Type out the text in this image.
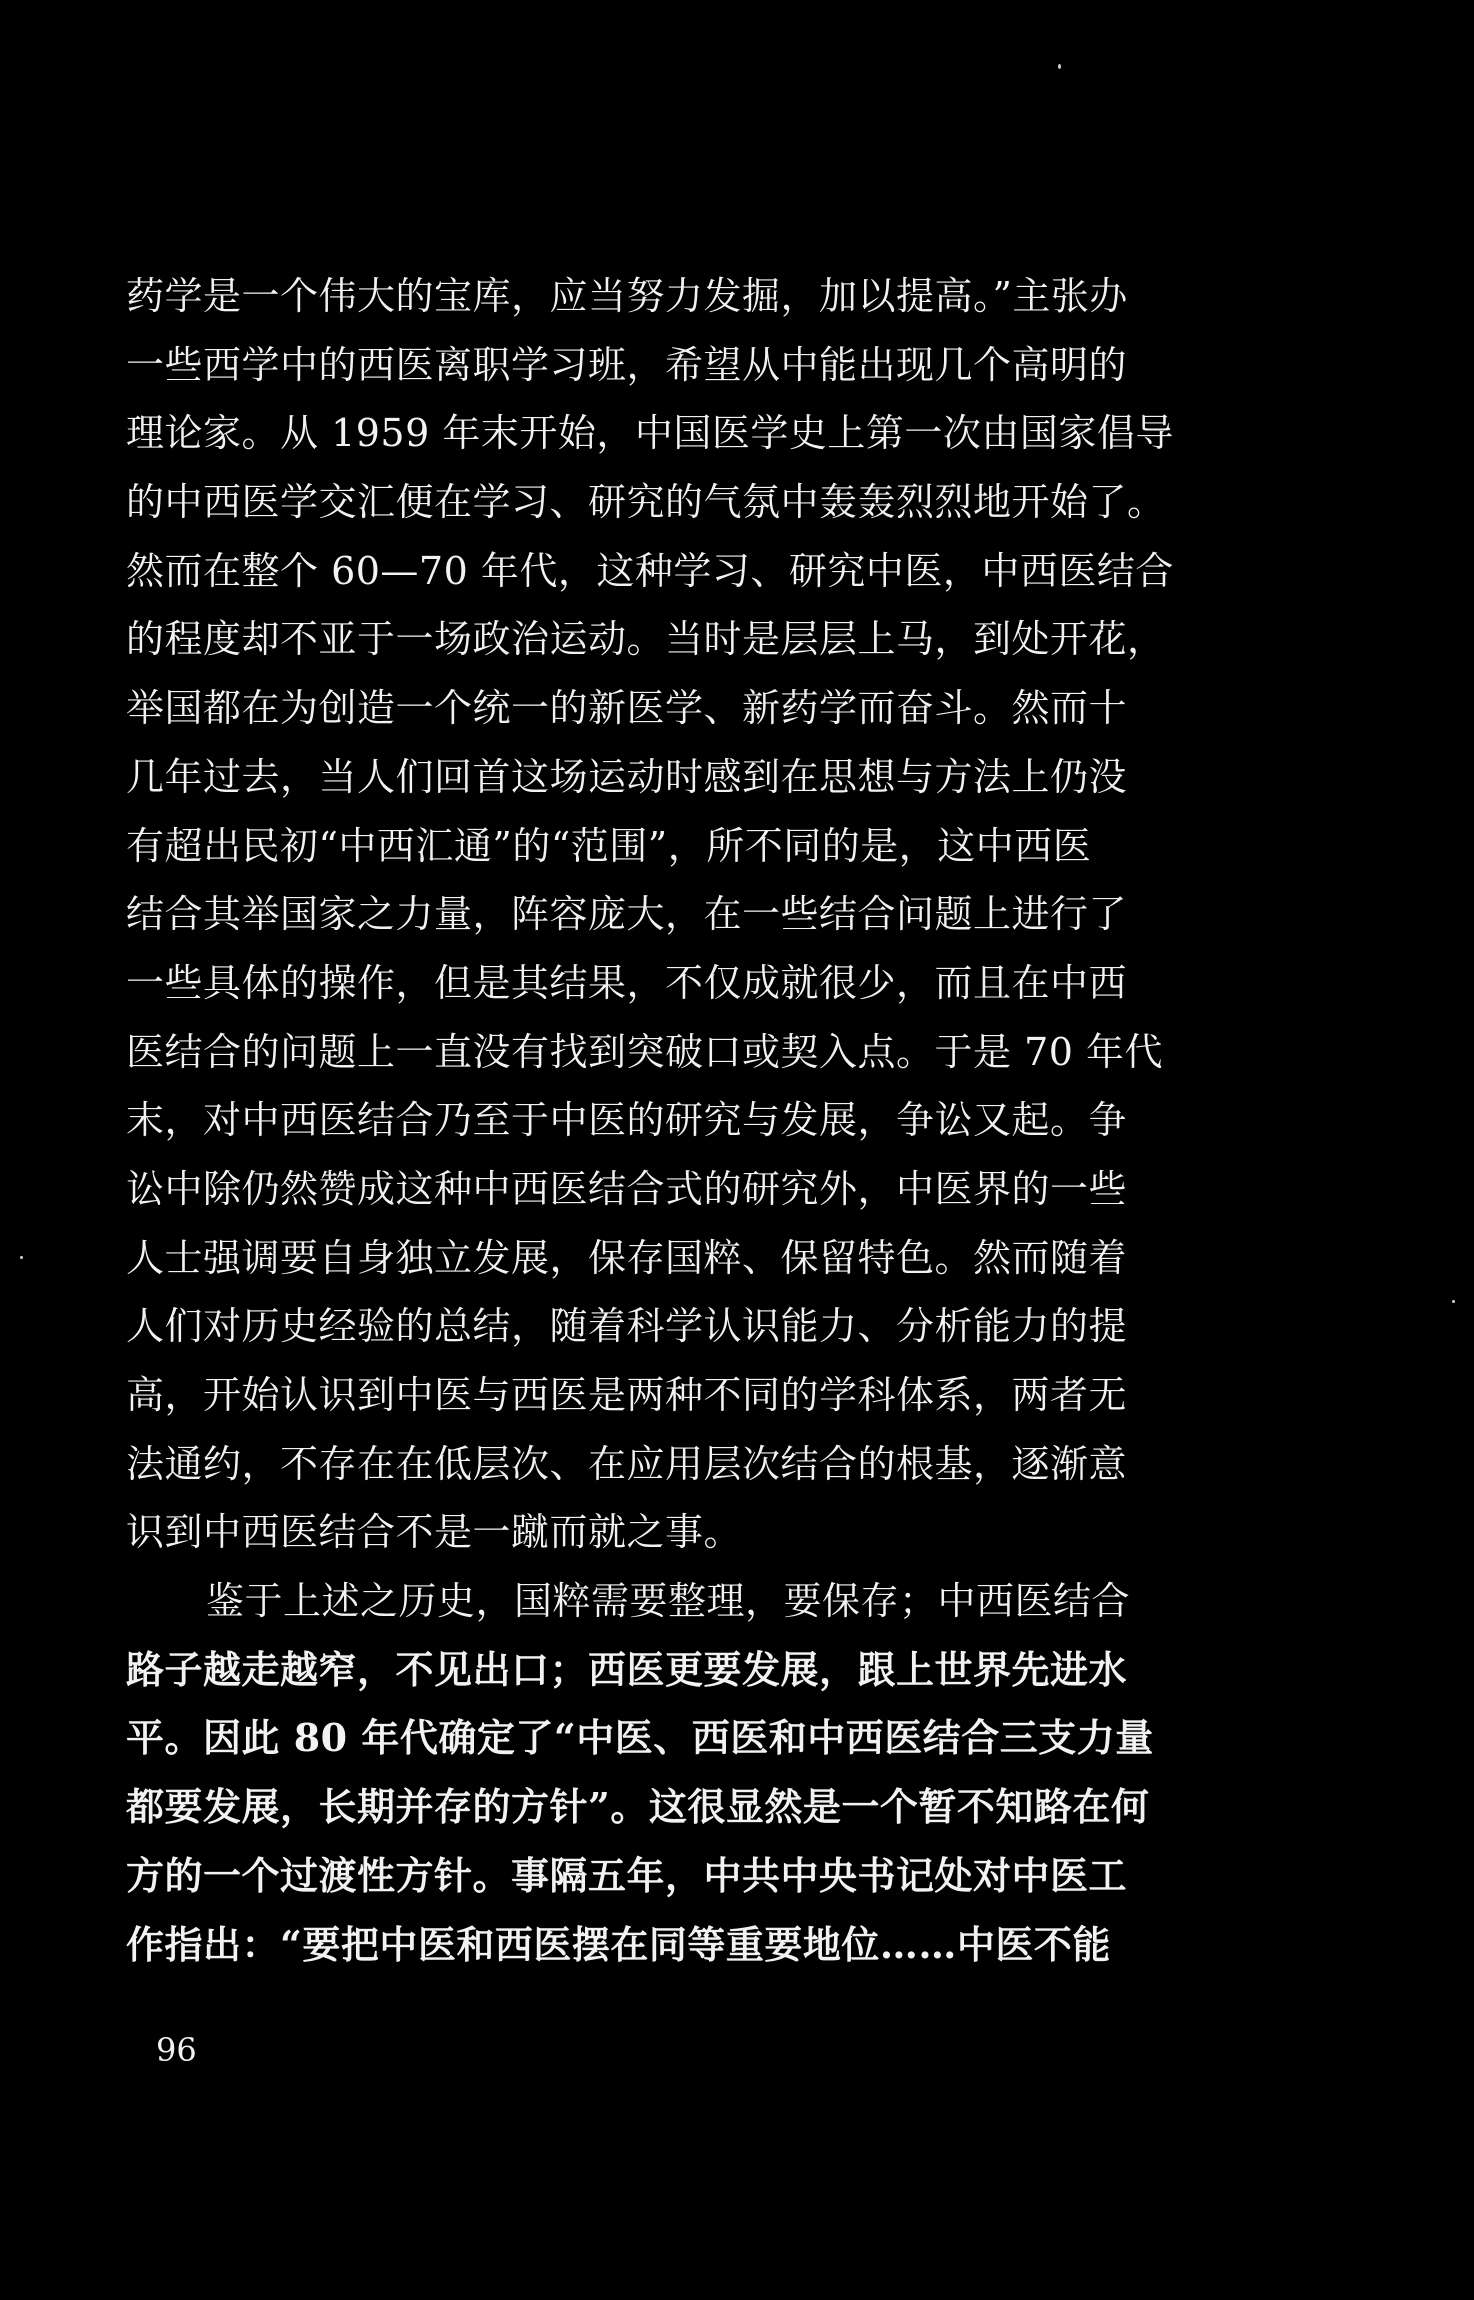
药学是一个伟大的宝库，应当努力发掘，加以提高。”主张办
一些西学中的西医离职学习班，希望从中能出现几个高明的
理论家。从 1959 年末开始，中国医学史上第一次由国家倡导
的中西医学交汇便在学习、研究的气氛中轰轰烈烈地开始了。
然而在整个 60—70 年代，这种学习、研究中医，中西医结合
的程度却不亚于一场政治运动。当时是层层上马，到处开花，
举国都在为创造一个统一的新医学、新药学而奋斗。然而十
几年过去，当人们回首这场运动时感到在思想与方法上仍没
有超出民初“中西汇通”的“范围”，所不同的是，这中西医
结合其举国家之力量，阵容庞大，在一些结合问题上进行了
一些具体的操作，但是其结果，不仅成就很少，而且在中西
医结合的问题上一直没有找到突破口或契入点。于是 70 年代
末，对中西医结合乃至于中医的研究与发展，争讼又起。争
讼中除仍然赞成这种中西医结合式的研究外，中医界的一些
人士强调要自身独立发展，保存国粹、保留特色。然而随着
人们对历史经验的总结，随着科学认识能力、分析能力的提
高，开始认识到中医与西医是两种不同的学科体系，两者无
法通约，不存在在低层次、在应用层次结合的根基，逐渐意
识到中西医结合不是一蹴而就之事。
鉴于上述之历史，国粹需要整理，要保存；中西医结合
路子越走越窄，不见出口；西医更要发展，跟上世界先进水
平。因此 80 年代确定了“中医、西医和中西医结合三支力量
都要发展，长期并存的方针”。这很显然是一个暂不知路在何
方的一个过渡性方针。事隔五年，中共中央书记处对中医工
作指出：“要把中医和西医摆在同等重要地位……中医不能
96
